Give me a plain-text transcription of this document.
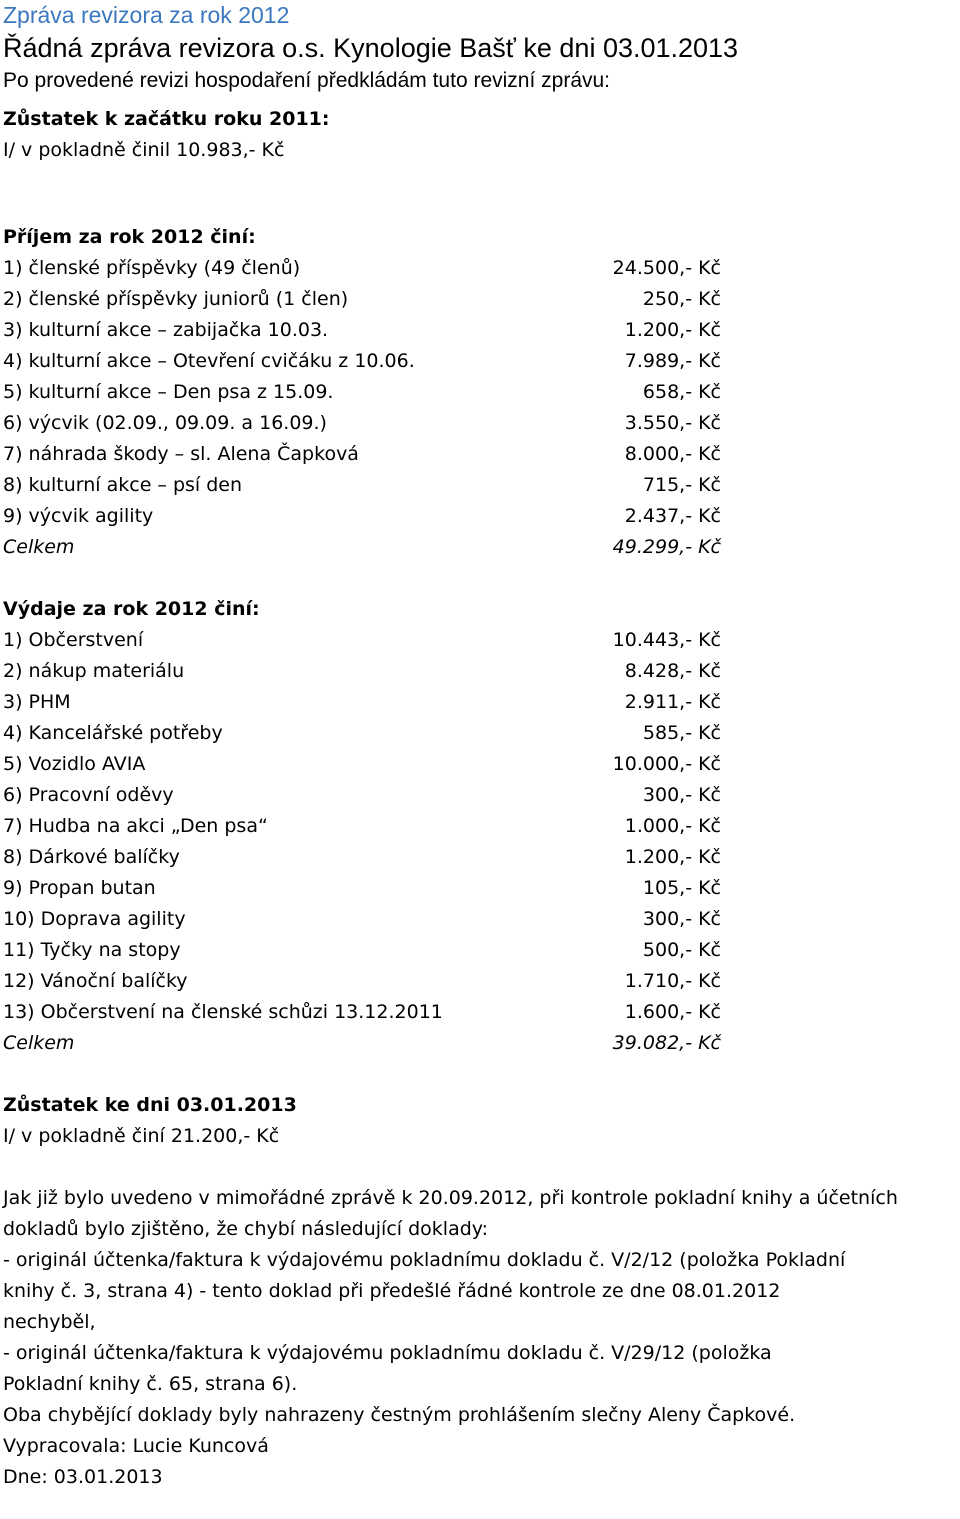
Zpráva revizora za rok 2012
Řádná zpráva revizora o.s. Kynologie Bašť ke dni 03.01.2013
Po provedené revizi hospodaření předkládám tuto revizní zprávu:
Zůstatek k začátku roku 2011:
I/ v pokladně činil 10.983,- Kč
Příjem za rok 2012 činí:
1) členské příspěvky (49 členů)	24.500,- Kč
2) členské příspěvky juniorů (1 člen)	250,- Kč
3) kulturní akce – zabijačka 10.03.	1.200,- Kč
4) kulturní akce – Otevření cvičáku z 10.06.	7.989,- Kč
5) kulturní akce – Den psa z 15.09.	658,- Kč
6) výcvik (02.09., 09.09. a 16.09.)	3.550,- Kč
7) náhrada škody – sl. Alena Čapková	8.000,- Kč
8) kulturní akce – psí den	715,- Kč
9) výcvik agility	2.437,- Kč
Celkem	49.299,- Kč
Výdaje za rok 2012 činí:
1) Občerstvení	10.443,- Kč
2) nákup materiálu	8.428,- Kč
3) PHM	2.911,- Kč
4) Kancelářské potřeby	585,- Kč
5) Vozidlo AVIA	10.000,- Kč
6) Pracovní oděvy	300,- Kč
7) Hudba na akci „Den psa“	1.000,- Kč
8) Dárkové balíčky	1.200,- Kč
9) Propan butan	105,- Kč
10) Doprava agility	300,- Kč
11) Tyčky na stopy	500,- Kč
12) Vánoční balíčky	1.710,- Kč
13) Občerstvení na členské schůzi 13.12.2011	1.600,- Kč
Celkem	39.082,- Kč
Zůstatek ke dni 03.01.2013
I/ v pokladně činí 21.200,- Kč
Jak již bylo uvedeno v mimořádné zprávě k 20.09.2012, při kontrole pokladní knihy a účetních
dokladů bylo zjištěno, že chybí následující doklady:
- originál účtenka/faktura k výdajovému pokladnímu dokladu č. V/2/12 (položka Pokladní
knihy č. 3, strana 4) - tento doklad při předešlé řádné kontrole ze dne 08.01.2012
nechyběl,
- originál účtenka/faktura k výdajovému pokladnímu dokladu č. V/29/12 (položka
Pokladní knihy č. 65, strana 6).
Oba chybějící doklady byly nahrazeny čestným prohlášením slečny Aleny Čapkové.
Vypracovala: Lucie Kuncová
Dne: 03.01.2013
